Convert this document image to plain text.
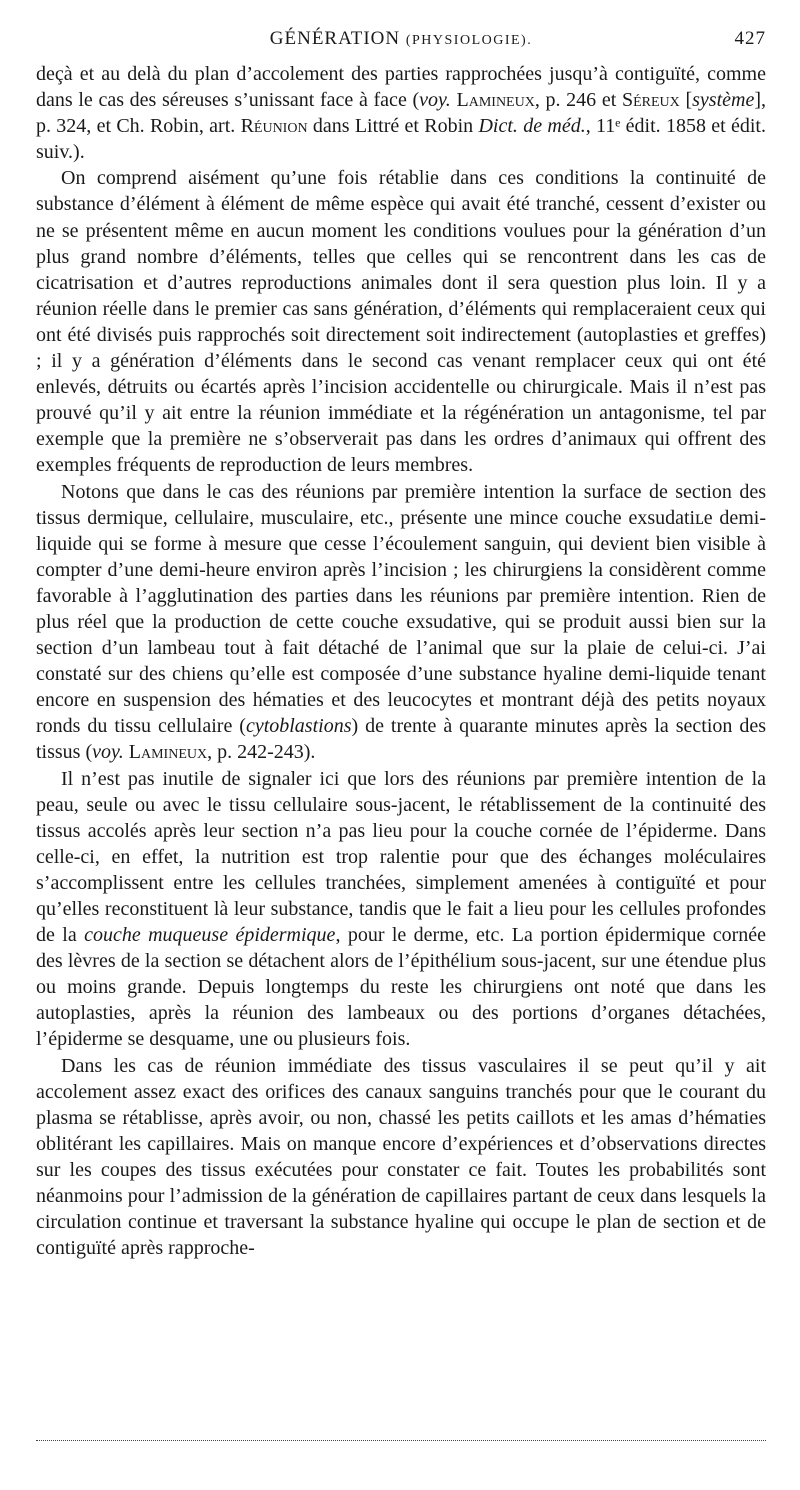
GÉNÉRATION (PHYSIOLOGIE).	427

deçà et au delà du plan d’accolement des parties rapprochées jusqu’à contiguïté, comme dans le cas des séreuses s’unissant face à face (voy. Lamineux, p. 246 et Séreux [système], p. 324, et Ch. Robin, art. Réunion dans Littré et Robin Dict. de méd., 11ᵉ édit. 1858 et édit. suiv.).

On comprend aisément qu’une fois rétablie dans ces conditions la continuité de substance d’élément à élément de même espèce qui avait été tranché, cessent d’exister ou ne se présentent même en aucun moment les conditions voulues pour la génération d’un plus grand nombre d’éléments, telles que celles qui se rencontrent dans les cas de cicatrisation et d’autres reproductions animales dont il sera question plus loin. Il y a réunion réelle dans le premier cas sans génération, d’éléments qui remplaceraient ceux qui ont été divisés puis rapprochés soit directement soit indirectement (autoplasties et greffes) ; il y a génération d’éléments dans le second cas venant remplacer ceux qui ont été enlevés, détruits ou écartés après l’incision accidentelle ou chirurgicale. Mais il n’est pas prouvé qu’il y ait entre la réunion immédiate et la régénération un antagonisme, tel par exemple que la première ne s’observerait pas dans les ordres d’animaux qui offrent des exemples fréquents de reproduction de leurs membres.

Notons que dans le cas des réunions par première intention la surface de section des tissus dermique, cellulaire, musculaire, etc., présente une mince couche exsudatiʟe demi-liquide qui se forme à mesure que cesse l’écoulement sanguin, qui devient bien visible à compter d’une demi-heure environ après l’incision ; les chirurgiens la considèrent comme favorable à l’agglutination des parties dans les réunions par première intention. Rien de plus réel que la production de cette couche exsudative, qui se produit aussi bien sur la section d’un lambeau tout à fait détaché de l’animal que sur la plaie de celui-ci. J’ai constaté sur des chiens qu’elle est composée d’une substance hyaline demi-liquide tenant encore en suspension des hématies et des leucocytes et montrant déjà des petits noyaux ronds du tissu cellulaire (cytoblastions) de trente à quarante minutes après la section des tissus (voy. Lamineux, p. 242-243).

Il n’est pas inutile de signaler ici que lors des réunions par première intention de la peau, seule ou avec le tissu cellulaire sous-jacent, le rétablissement de la continuité des tissus accolés après leur section n’a pas lieu pour la couche cornée de l’épiderme. Dans celle-ci, en effet, la nutrition est trop ralentie pour que des échanges moléculaires s’accomplissent entre les cellules tranchées, simplement amenées à contiguïté et pour qu’elles reconstituent là leur substance, tandis que le fait a lieu pour les cellules profondes de la couche muqueuse épidermique, pour le derme, etc. La portion épidermique cornée des lèvres de la section se détachent alors de l’épithélium sous-jacent, sur une étendue plus ou moins grande. Depuis longtemps du reste les chirurgiens ont noté que dans les autoplasties, après la réunion des lambeaux ou des portions d’organes détachées, l’épiderme se desquame, une ou plusieurs fois.

Dans les cas de réunion immédiate des tissus vasculaires il se peut qu’il y ait accolement assez exact des orifices des canaux sanguins tranchés pour que le courant du plasma se rétablisse, après avoir, ou non, chassé les petits caillots et les amas d’hématies oblitérant les capillaires. Mais on manque encore d’expériences et d’observations directes sur les coupes des tissus exécutées pour constater ce fait. Toutes les probabilités sont néanmoins pour l’admission de la génération de capillaires partant de ceux dans lesquels la circulation continue et traversant la substance hyaline qui occupe le plan de section et de contiguïté après rapproche-
